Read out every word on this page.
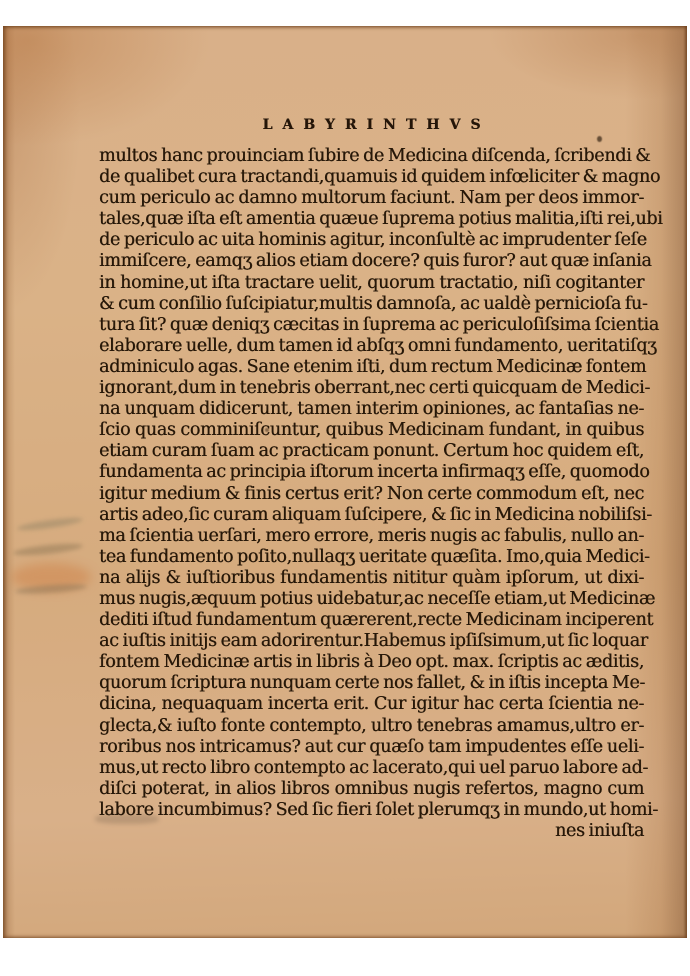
LABYRINTHVS
multos hanc prouinciam ſubire de Medicina diſcenda, ſcribendi &
de qualibet cura tractandi,quamuis id quidem infœliciter & magno
cum periculo ac damno multorum faciunt. Nam per deos immor-
tales,quæ iſta eſt amentia quæue ſuprema potius malitia,iſti rei,ubi
de periculo ac uita hominis agitur, inconſultè ac imprudenter ſeſe
immiſcere, eamqʒ alios etiam docere? quis furor? aut quæ inſania
in homine,ut iſta tractare uelit, quorum tractatio, niſi cogitanter
& cum conſilio ſuſcipiatur,multis damnoſa, ac ualdè pernicioſa fu-
tura ſit? quæ deniqʒ cæcitas in ſuprema ac periculoſiſsima ſcientia
elaborare uelle, dum tamen id abſqʒ omni fundamento, ueritatiſqʒ
adminiculo agas. Sane etenim iſti, dum rectum Medicinæ fontem
ignorant,dum in tenebris oberrant,nec certi quicquam de Medici-
na unquam didicerunt, tamen interim opiniones, ac fantaſias ne-
ſcio quas comminiſcuntur, quibus Medicinam fundant, in quibus
etiam curam ſuam ac practicam ponunt. Certum hoc quidem eſt,
fundamenta ac principia iſtorum incerta infirmaqʒ eſſe, quomodo
igitur medium & finis certus erit? Non certe commodum eſt, nec
artis adeo,ſic curam aliquam ſuſcipere, & ſic in Medicina nobiliſsi-
ma ſcientia uerſari, mero errore, meris nugis ac fabulis, nullo an-
tea fundamento poſito,nullaqʒ ueritate quæſita. Imo,quia Medici-
na alijs & iuſtioribus fundamentis nititur quàm ipſorum, ut dixi-
mus nugis,æquum potius uidebatur,ac neceſſe etiam,ut Medicinæ
dediti iſtud fundamentum quærerent,recte Medicinam inciperent
ac iuſtis initijs eam adorirentur.Habemus ipſiſsimum,ut ſic loquar
fontem Medicinæ artis in libris à Deo opt. max. ſcriptis ac æditis,
quorum ſcriptura nunquam certe nos fallet, & in iſtis incepta Me-
dicina, nequaquam incerta erit. Cur igitur hac certa ſcientia ne-
glecta,& iuſto fonte contempto, ultro tenebras amamus,ultro er-
roribus nos intricamus? aut cur quæſo tam impudentes eſſe ueli-
mus,ut recto libro contempto ac lacerato,qui uel paruo labore ad-
diſci poterat, in alios libros omnibus nugis refertos, magno cum
labore incumbimus? Sed ſic fieri ſolet plerumqʒ in mundo,ut homi-
nes iniuſta
